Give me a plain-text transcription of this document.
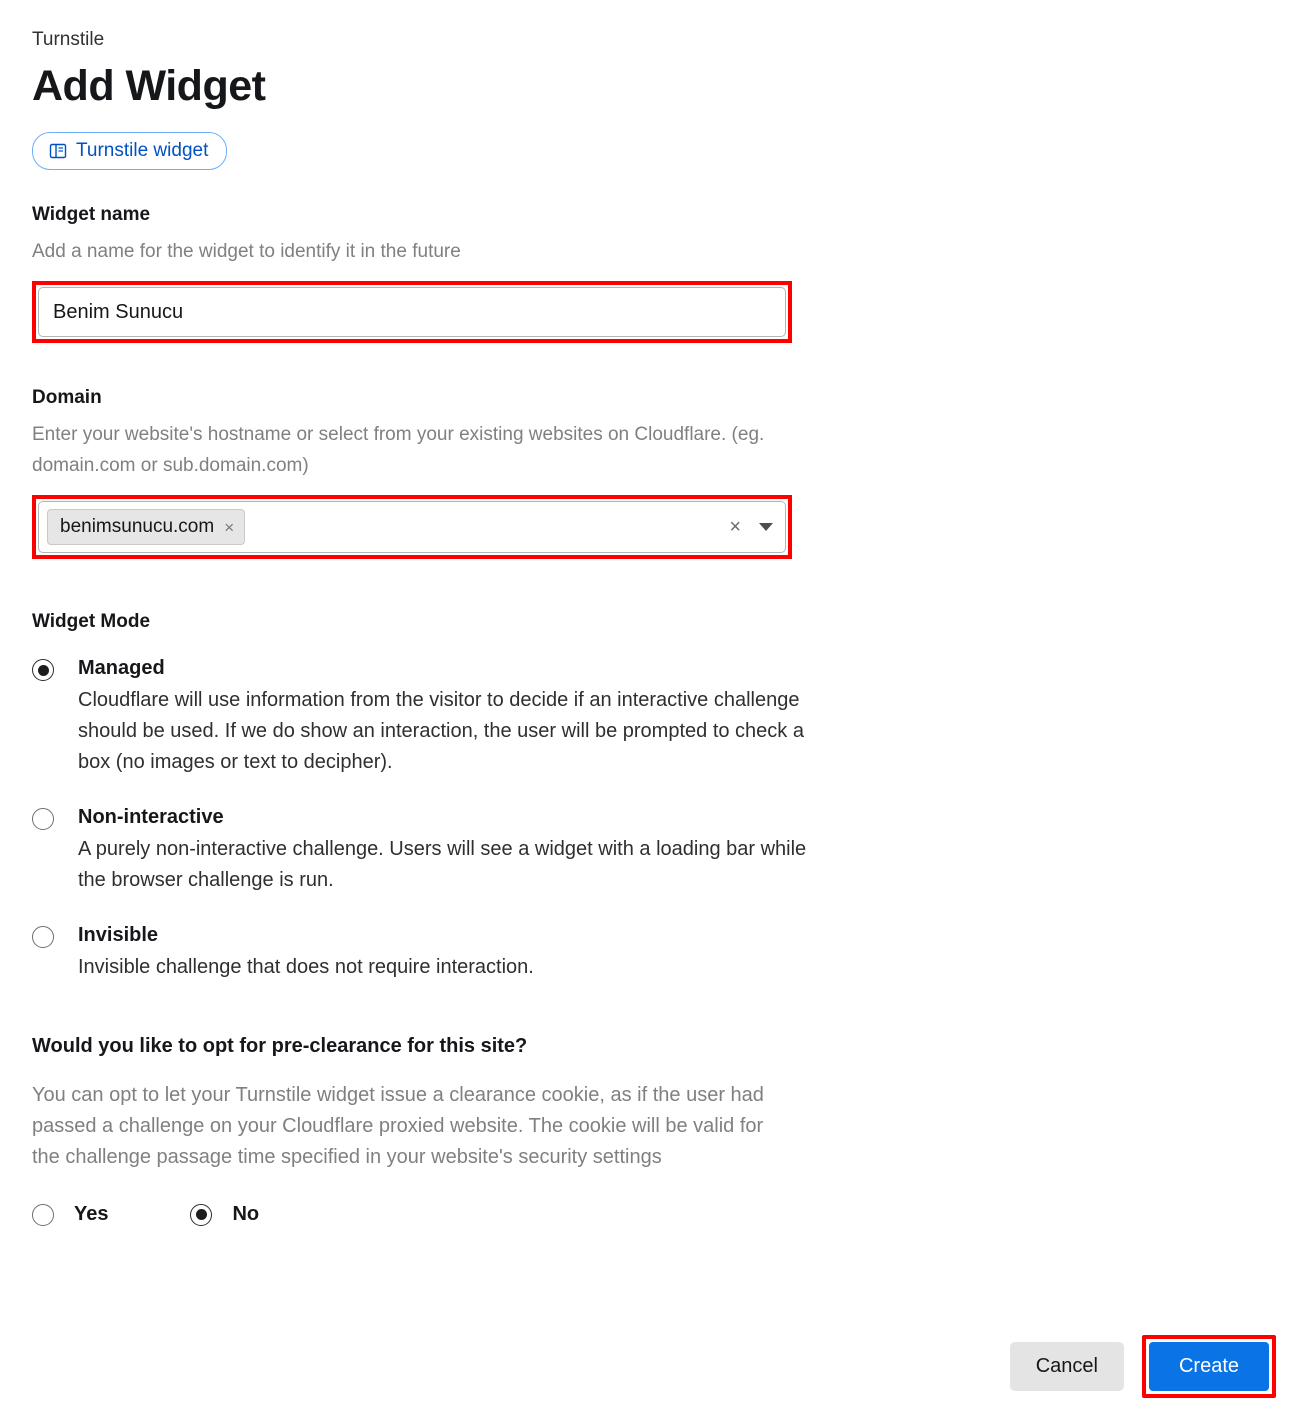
Turnstile
Add Widget
Turnstile widget
Widget name
Add a name for the widget to identify it in the future
Benim Sunucu
Domain
Enter your website's hostname or select from your existing websites on Cloudflare. (eg. domain.com or sub.domain.com)
benimsunucu.com ×	×
Widget Mode
Managed
Cloudflare will use information from the visitor to decide if an interactive challenge should be used. If we do show an interaction, the user will be prompted to check a box (no images or text to decipher).
Non-interactive
A purely non-interactive challenge. Users will see a widget with a loading bar while the browser challenge is run.
Invisible
Invisible challenge that does not require interaction.
Would you like to opt for pre-clearance for this site?
You can opt to let your Turnstile widget issue a clearance cookie, as if the user had passed a challenge on your Cloudflare proxied website. The cookie will be valid for the challenge passage time specified in your website's security settings
Yes	No
Cancel	Create
